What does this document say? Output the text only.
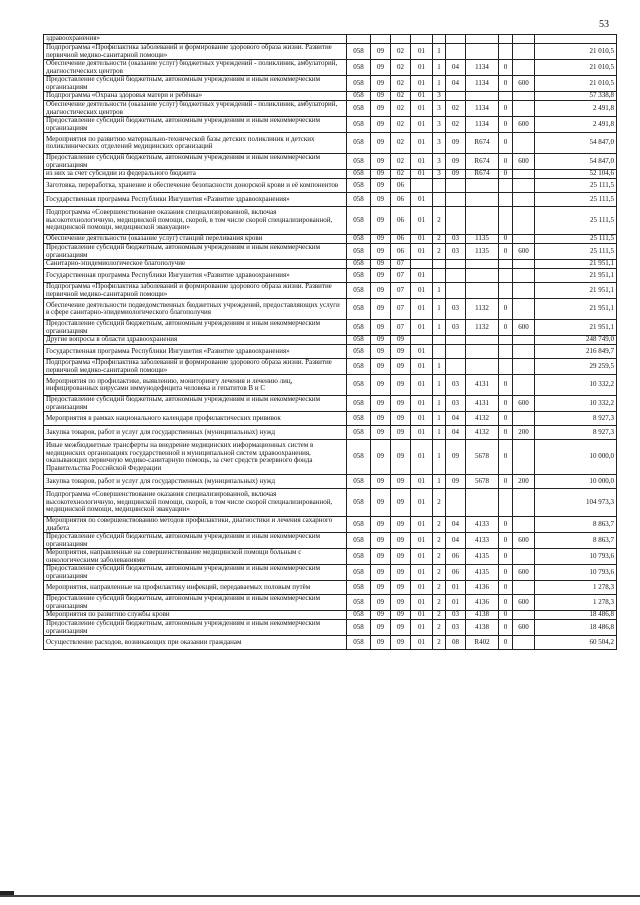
53
здравоохранения»										
Подпрограмма «Профилактика заболеваний и формирование здорового образа жизни. Развитие первичной медико-санитарной помощи»	058	09	02	01	1					21 010,5
Обеспечение деятельности (оказание услуг) бюджетных учреждений - поликлиник, амбулаторий, диагностических центров	058	09	02	01	1	04	1134	0		21 010,5
Предоставление субсидий бюджетным, автономным учреждениям и иным некоммерческим организациям	058	09	02	01	1	04	1134	0	600	21 010,5
Подпрограмма «Охрана здоровья матери и ребёнка»	058	09	02	01	3					57 338,8
Обеспечение деятельности (оказание услуг) бюджетных учреждений - поликлиник, амбулаторий, диагностических центров	058	09	02	01	3	02	1134	0		2 491,8
Предоставление субсидий бюджетным, автономным учреждениям и иным некоммерческим организациям	058	09	02	01	3	02	1134	0	600	2 491,8
Мероприятия по развитию материально-технической базы детских поликлиник и детских поликлинических отделений медицинских организаций	058	09	02	01	3	09	R674	0		54 847,0
Предоставление субсидий бюджетным, автономным учреждениям и иным некоммерческим организациям	058	09	02	01	3	09	R674	0	600	54 847,0
из них за счет субсидии из федерального бюджета	058	09	02	01	3	09	R674	0		52 104,6
Заготовка, переработка, хранение и обеспечение безопасности донорской крови и её компонентов	058	09	06							25 111,5
Государственная программа Республики Ингушетия «Развитие здравоохранения»	058	09	06	01						25 111,5
Подпрограмма «Совершенствование оказания специализированной, включая высокотехнологичную, медицинской помощи, скорой, в том числе скорой специализированной, медицинской помощи, медицинской эвакуации»	058	09	06	01	2					25 111,5
Обеспечение деятельности (оказание услуг) станций переливания крови	058	09	06	01	2	03	1135	0		25 111,5
Предоставление субсидий бюджетным, автономным учреждениям и иным некоммерческим организациям	058	09	06	01	2	03	1135	0	600	25 111,5
Санитарно-эпидемиологическое благополучие	058	09	07							21 951,1
Государственная программа Республики Ингушетия «Развитие здравоохранения»	058	09	07	01						21 951,1
Подпрограмма «Профилактика заболеваний и формирование здорового образа жизни. Развитие первичной медико-санитарной помощи»	058	09	07	01	1					21 951,1
Обеспечение деятельности подведомственных бюджетных учреждений, предоставляющих услуги в сфере санитарно-эпидемиологического благополучия	058	09	07	01	1	03	1132	0		21 951,1
Предоставление субсидий бюджетным, автономным учреждениям и иным некоммерческим организациям	058	09	07	01	1	03	1132	0	600	21 951,1
Другие вопросы в области здравоохранения	058	09	09							248 749,0
Государственная программа Республики Ингушетия «Развитие здравоохранения»	058	09	09	01						216 849,7
Подпрограмма «Профилактика заболеваний и формирование здорового образа жизни. Развитие первичной медико-санитарной помощи»	058	09	09	01	1					29 259,5
Мероприятия по профилактике, выявлению, мониторингу лечения и лечению лиц, инфицированных вирусами иммунодефицита человека и гепатитов В и С	058	09	09	01	1	03	4131	0		10 332,2
Предоставление субсидий бюджетным, автономным учреждениям и иным некоммерческим организациям	058	09	09	01	1	03	4131	0	600	10 332,2
Мероприятия в рамках национального календаря профилактических прививок	058	09	09	01	1	04	4132	0		8 927,3
Закупка товаров, работ и услуг для государственных (муниципальных) нужд	058	09	09	01	1	04	4132	0	200	8 927,3
Иные межбюджетные трансферты на внедрение медицинских информационных систем в медицинских организациях государственной и муниципальной систем здравоохранения, оказывающих первичную медико-санитарную помощь, за счет средств резервного фонда Правительства Российской Федерации	058	09	09	01	1	09	5678	0		10 000,0
Закупка товаров, работ и услуг для государственных (муниципальных) нужд	058	09	09	01	1	09	5678	0	200	10 000,0
Подпрограмма «Совершенствование оказания специализированной, включая высокотехнологичную, медицинской помощи, скорой, в том числе скорой специализированной, медицинской помощи, медицинской эвакуации»	058	09	09	01	2					104 973,3
Мероприятия по совершенствованию методов профилактики, диагностики и лечения сахарного диабета	058	09	09	01	2	04	4133	0		8 863,7
Предоставление субсидий бюджетным, автономным учреждениям и иным некоммерческим организациям	058	09	09	01	2	04	4133	0	600	8 863,7
Мероприятия, направленные на совершенствование медицинской помощи больным с онкологическими заболеваниями	058	09	09	01	2	06	4135	0		10 793,6
Предоставление субсидий бюджетным, автономным учреждениям и иным некоммерческим организациям	058	09	09	01	2	06	4135	0	600	10 793,6
Мероприятия, направленные на профилактику инфекций, передаваемых половым путём	058	09	09	01	2	01	4136	0		1 278,3
Предоставление субсидий бюджетным, автономным учреждениям и иным некоммерческим организациям	058	09	09	01	2	01	4136	0	600	1 278,3
Мероприятия по развитию службы крови	058	09	09	01	2	03	4138	0		18 486,8
Предоставление субсидий бюджетным, автономным учреждениям и иным некоммерческим организациям	058	09	09	01	2	03	4138	0	600	18 486,8
Осуществление расходов, возникающих при оказании гражданам	058	09	09	01	2	08	R402	0		60 504,2
